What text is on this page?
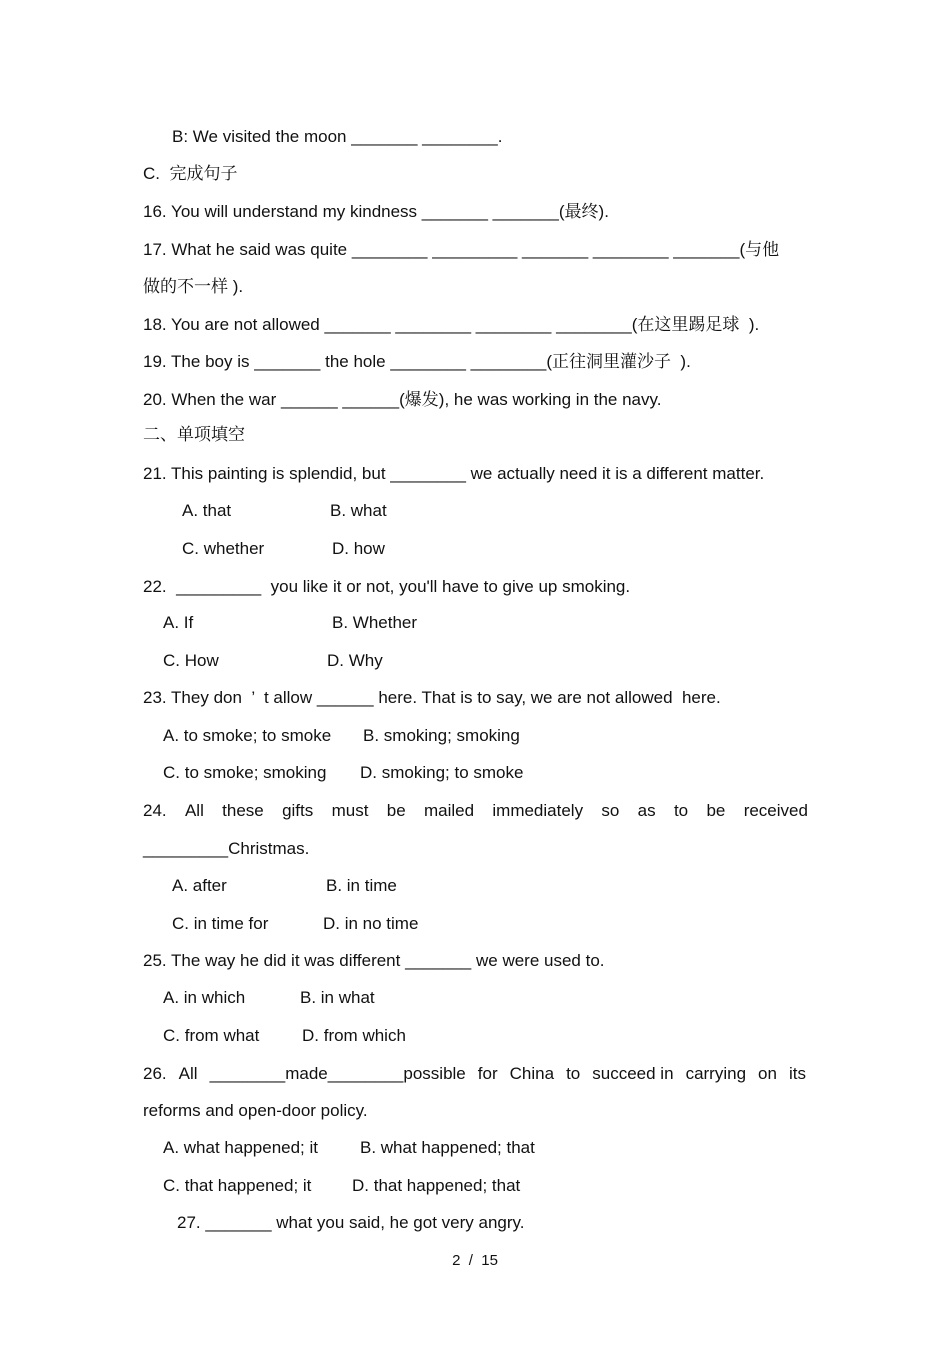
B: We visited the moon _______ ________.
C.  完成句子
16. You will understand my kindness _______ _______(最终).
17. What he said was quite ________ _________ _______ ________ _______(与他
做的不一样 ).
18. You are not allowed _______ ________ ________ ________(在这里踢足球  ).
19. The boy is _______ the hole ________ ________(正往洞里灌沙子  ).
20. When the war ______ ______(爆发), he was working in the navy.
二、单项填空
21. This painting is splendid, but ________ we actually need it is a different matter.
A. that	B. what
C. whether	D. how
22.  _________  you like it or not, you'll have to give up smoking.
A. If	B. Whether
C. How	D. Why
23. They don  ’  t allow ______ here. That is to say, we are not allowed  here.
A. to smoke; to smoke B. smoking; smoking
C. to smoke; smoking D. smoking; to smoke
24. All these gifts must be mailed immediately so as to be received
_________Christmas.
A. after	B. in time
C. in time for	D. in no time
25. The way he did it was different _______ we were used to.
A. in which	B. in what
C. from what	D. from which
26. All ________made________possible for China to succeed in carrying on its
reforms and open-door policy.
A. what happened; it B. what happened; that
C. that happened; it D. that happened; that
27. _______ what you said, he got very angry.
2  /  15
